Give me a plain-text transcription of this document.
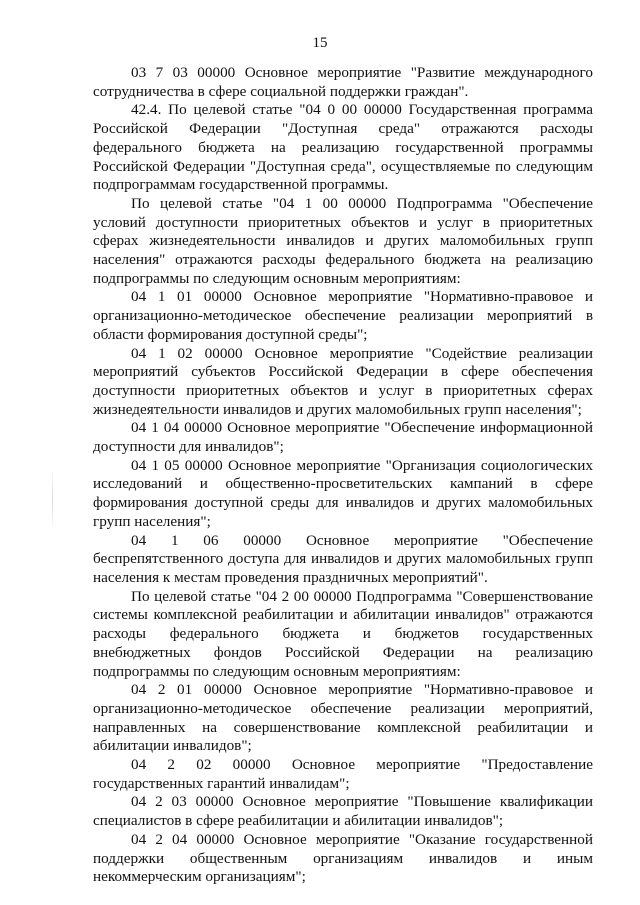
15

03 7 03 00000 Основное мероприятие "Развитие международного сотрудничества в сфере социальной поддержки граждан".

42.4. По целевой статье "04 0 00 00000 Государственная программа Российской Федерации "Доступная среда" отражаются расходы федерального бюджета на реализацию государственной программы Российской Федерации "Доступная среда", осуществляемые по следующим подпрограммам государственной программы.

По целевой статье "04 1 00 00000 Подпрограмма "Обеспечение условий доступности приоритетных объектов и услуг в приоритетных сферах жизнедеятельности инвалидов и других маломобильных групп населения" отражаются расходы федерального бюджета на реализацию подпрограммы по следующим основным мероприятиям:

04 1 01 00000 Основное мероприятие "Нормативно-правовое и организационно-методическое обеспечение реализации мероприятий в области формирования доступной среды";

04 1 02 00000 Основное мероприятие "Содействие реализации мероприятий субъектов Российской Федерации в сфере обеспечения доступности приоритетных объектов и услуг в приоритетных сферах жизнедеятельности инвалидов и других маломобильных групп населения";

04 1 04 00000 Основное мероприятие "Обеспечение информационной доступности для инвалидов";

04 1 05 00000 Основное мероприятие "Организация социологических исследований и общественно-просветительских кампаний в сфере формирования доступной среды для инвалидов и других маломобильных групп населения";

04 1 06 00000 Основное мероприятие "Обеспечение беспрепятственного доступа для инвалидов и других маломобильных групп населения к местам проведения праздничных мероприятий".

По целевой статье "04 2 00 00000 Подпрограмма "Совершенствование системы комплексной реабилитации и абилитации инвалидов" отражаются расходы федерального бюджета и бюджетов государственных внебюджетных фондов Российской Федерации на реализацию подпрограммы по следующим основным мероприятиям:

04 2 01 00000 Основное мероприятие "Нормативно-правовое и организационно-методическое обеспечение реализации мероприятий, направленных на совершенствование комплексной реабилитации и абилитации инвалидов";

04 2 02 00000 Основное мероприятие "Предоставление государственных гарантий инвалидам";

04 2 03 00000 Основное мероприятие "Повышение квалификации специалистов в сфере реабилитации и абилитации инвалидов";

04 2 04 00000 Основное мероприятие "Оказание государственной поддержки общественным организациям инвалидов и иным некоммерческим организациям";
